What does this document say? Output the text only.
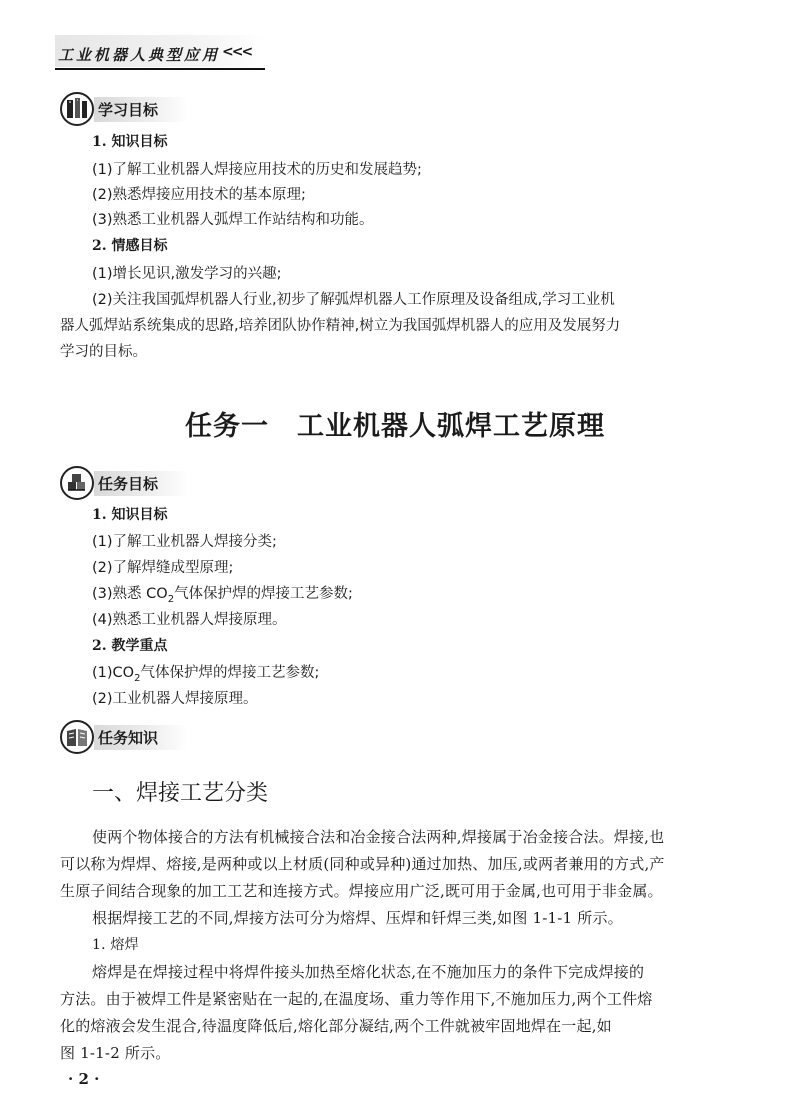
工业机器人典型应用 <<<
学习目标
1. 知识目标
(1)了解工业机器人焊接应用技术的历史和发展趋势;
(2)熟悉焊接应用技术的基本原理;
(3)熟悉工业机器人弧焊工作站结构和功能。
2. 情感目标
(1)增长见识,激发学习的兴趣;
(2)关注我国弧焊机器人行业,初步了解弧焊机器人工作原理及设备组成,学习工业机
器人弧焊站系统集成的思路,培养团队协作精神,树立为我国弧焊机器人的应用及发展努力
学习的目标。
任务一　工业机器人弧焊工艺原理
任务目标
1. 知识目标
(1)了解工业机器人焊接分类;
(2)了解焊缝成型原理;
(3)熟悉 $CO_2$气体保护焊的焊接工艺参数;
(4)熟悉工业机器人焊接原理。
2. 教学重点
$(1)CO_2$气体保护焊的焊接工艺参数;
(2)工业机器人焊接原理。
任务知识
一、焊接工艺分类
使两个物体接合的方法有机械接合法和冶金接合法两种,焊接属于冶金接合法。焊接,也
可以称为焊焊、熔接,是两种或以上材质(同种或异种)通过加热、加压,或两者兼用的方式,产
生原子间结合现象的加工工艺和连接方式。焊接应用广泛,既可用于金属,也可用于非金属。
根据焊接工艺的不同,焊接方法可分为熔焊、压焊和钎焊三类,如图 1-1-1 所示。
1. 熔焊
熔焊是在焊接过程中将焊件接头加热至熔化状态,在不施加压力的条件下完成焊接的
方法。由于被焊工件是紧密贴在一起的,在温度场、重力等作用下,不施加压力,两个工件熔
化的熔液会发生混合,待温度降低后,熔化部分凝结,两个工件就被牢固地焊在一起,如
图 1-1-2 所示。
· 2 ·
